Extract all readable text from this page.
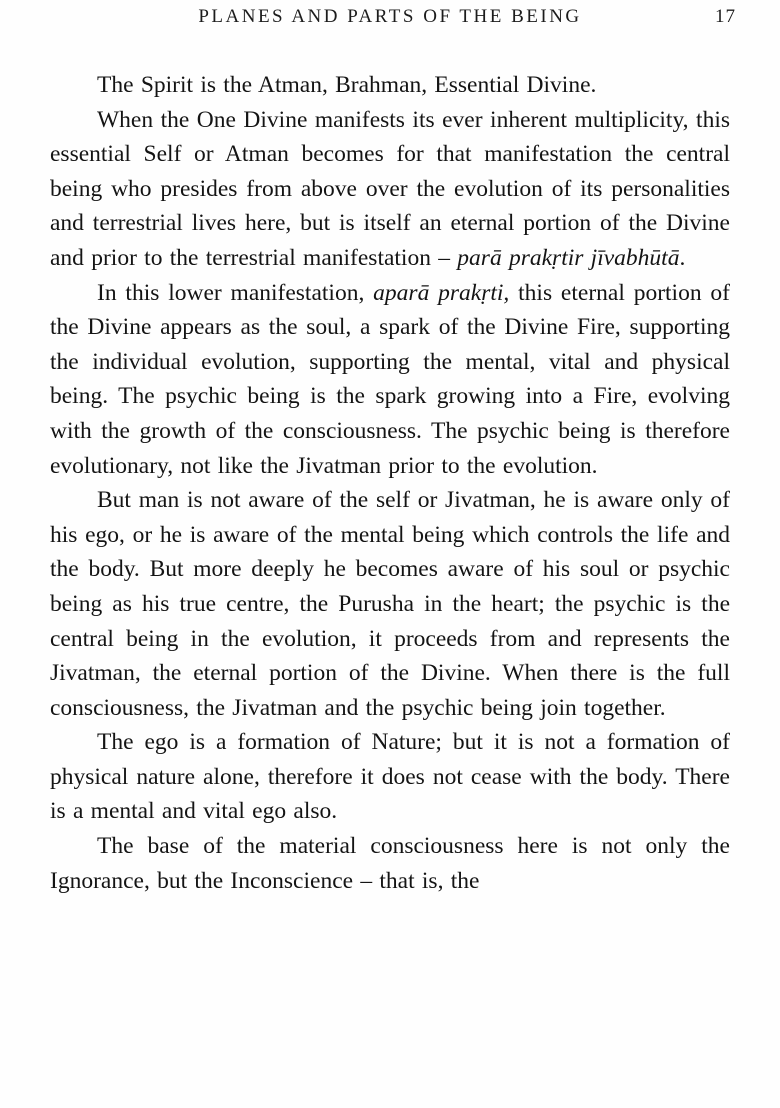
PLANES AND PARTS OF THE BEING	17

The Spirit is the Atman, Brahman, Essential Divine.

When the One Divine manifests its ever inherent multiplicity, this essential Self or Atman becomes for that manifestation the central being who presides from above over the evolution of its personalities and terrestrial lives here, but is itself an eternal portion of the Divine and prior to the terrestrial manifestation – parā prakṛtir jīvabhūtā.

In this lower manifestation, aparā prakṛti, this eternal portion of the Divine appears as the soul, a spark of the Divine Fire, supporting the individual evolution, supporting the mental, vital and physical being. The psychic being is the spark growing into a Fire, evolving with the growth of the consciousness. The psychic being is therefore evolutionary, not like the Jivatman prior to the evolution.

But man is not aware of the self or Jivatman, he is aware only of his ego, or he is aware of the mental being which controls the life and the body. But more deeply he becomes aware of his soul or psychic being as his true centre, the Purusha in the heart; the psychic is the central being in the evolution, it proceeds from and represents the Jivatman, the eternal portion of the Divine. When there is the full consciousness, the Jivatman and the psychic being join together.

The ego is a formation of Nature; but it is not a formation of physical nature alone, therefore it does not cease with the body. There is a mental and vital ego also.

The base of the material consciousness here is not only the Ignorance, but the Inconscience – that is, the
